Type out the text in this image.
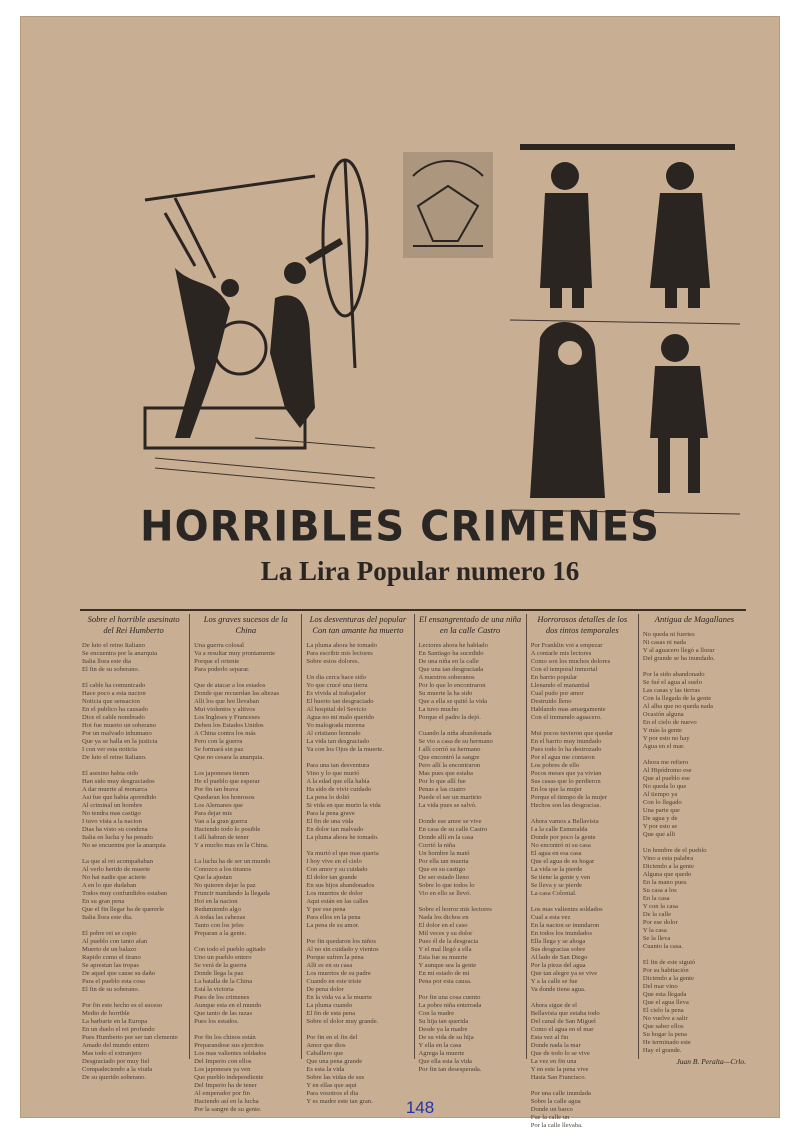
HORRIBLES CRIMENES
La Lira Popular numero 16
Sobre el horrible asesinato del Rei Humberto
De luto el reino Italiano
Se encuentra por la anarquia
Italia llora este dia
El fin de su soberano.

El cable ha comunicado
Hace poco a esta nacion
Noticia que sensacion
En el publico ha causado
Dice el cable nombrado
Hoi fue muerto un soberano
Por un malvado inhumano
Que ya se halla en la justicia
I con ver esta noticia
De luto el reino Italiano.

El asesino habia oido
Han sido muy desgraciados
A dar muerte al monarca
Asi fue que habia aprendido
Al criminal un hombre
No tendra mas castigo
I tuvo vista a la nacion
Dias ha visto su condena
Italia en lucha y ha penado
No se encuentra por la anarquia

La que al rei acompañaban
Al verlo herido de muerte
No hai nadie que acierte
A en lo que dudaban
Todos muy confundidos estaban
En su gran pena
Que el fin llegar ha de quererle
Italia llora este dia.

El pobre rei se copio
Al pueblo con tanto afan
Muerto de un balazo
Rapido como el tirano
Se aprestan las tropas
De aquel que cause su daño
Para el pueblo esta cosa
El fin de su soberano.

Por fin este hecho es el suceso
Medio de horrible
La barbarie en la Europa
En un duelo el rei profundo
Pues Humberto por ser tan clemente
Amado del mundo entero
Mas todo el extranjero
Desgraciado por muy fiel
Compadeciendo a la viuda
De su querido soberano.
Los graves sucesos de la China
Una guerra colosal
Va a resultar muy prontamente
Porque el oriente
Para poderlo separar.

Que de atacar a los estados
Donde que recuerdan las altezas
Alli los que hoi llevaban
Mui violentos y altivos
Los Ingleses y Franceses
Deben los Estados Unidos
A China contra los más
Pero con la guerra
Se formará sin paz
Que no cesara la anarquia.

Los japoneses tienen
He el pueblo que esperar
Por fin tan brava
Quedaran los honrosos
Los Alemanes que
Para dejar mis
Van a la gran guerra
Haciendo todo lo posible
I allí habran de tener
Y a mucho mas en la China.

La lucha ha de ser un mundo
Conozco a los tiranos
Que la ajustan
No quieren dejar la paz
Fruncir mandando la llegada
Hoi en la nacion
Redumiendo algo
A todas las cabezas
Tanto con los jefes
Preparan a la gente.

Con todo el pueblo agitado
Uno un pueblo entero
Se verá de la guerra
Donde llega la paz
La batalla de la China
Está la victoria
Pues de los crimenes
Aunque esta en el mundo
Que tanto de las razas
Pues los estados.

Por fin los chinos están
Preparandose sus ejercitos
Los mas valientes soldados
Del Imperio con ellos
Los japoneses ya ven
Que pueblo independiente
Del Imperio ha de tener
Al emperador por fin
Haciendo así en la lucha
Por la sangre de su gente.
Los desventuras del popular Con tan amante ha muerto
La pluma ahora he tomado
Para escribir mis lectores
Sobre estos dolores.

Un dia cerca hace sido
Yo que crucé una tierra
Es vivida al trabajador
El huerto tan desgraciado
Al hospital del Sevicio
Agua no mi malo querido
Yo malograda morena
Al cristiano honrado
La vida tan desgraciado
Ya con los Ojos de la muerte.

Para una tan desventura
Vino y lo que murió
A la edad que ella había
Ha sido de vivir cuidado
La pena lo dolió
Si vida en que murio la vida
Para la pena grave
El fin de una vida
En dolor tan malvado
La pluma ahora he tomado.

Ya murió el que mas queria
I hoy vive en el cielo
Con amor y su cuidado
El dolor tan grande
En sus hijos abandonados
Los muertos de dolor
Aqui están en las calles
Y por ese pena
Para ellos en la pena
La pena de su amor.

Por fin quedaron los niños
Al no sin cuidado y vientos
Porque sufren la pena
Alli es en su casa
Los muertos de su padre
Cuando en este triste
De pena dolor
En la vida va a la muerte
La pluma cuando
El fin de esta pena
Sobre el dolor muy grande.

Por fin en el fin del
Amor que dios
Caballero que
Que una pena grande
Es esta la vida
Sobre las vidas de sus
Y en ellas que aqui
Para vosotros el dia
Y es madre este tan gran.
El ensangrentado de una niña en la calle Castro
Lectores ahora he hablado
En Santiago ha sucedido
De una niña en la calle
Que una tan desgraciada
A nuestros soberanos
Por lo que lo encontraron
Su muerte la ha sido
Que a ella se quitó la vida
La tuvo mucho
Porque el padre la dejó.

Cuando la niña abandonada
Se vio a casa de su hermano
I allí corrió su hermano
Que encontró la sangre
Pero allí la encontraron
Mas pues que estaba
Por lo que allí fue
Penas a las cuatro
Puede el ser un martirio
La vida pues se salvó.

Donde ese amor se vive
En casa de su calle Castro
Donde allí en la casa
Corrió la niña
Un hombre la mató
Por ella tan muerta
Que en su castigo
De ser estado lleno
Sobre lo que todos lo
Vio en ello se llevó.

Sobre el horror mis lectores
Nada los dichos en
El dolor en el caso
Mil veces y su dolor
Pues él de la desgracia
Y el mal llegó a ella
Esta fue su muerte
Y aunque sea la gente
En mi estado de mi
Pena por esta causa.

Por fin una cosa cuento
La pobre niña enterrada
Con la madre
Su hija tan querida
Desde ya la madre
De su vida de su hija
Y ella en la casa
Agrega la muerte
Que ella esta la vida
Por fin tan desesperada.
Horrorosos detalles de los dos tintos temporales
Por Franklin voi a empezar
A contarle mis lectores
Como son los muchos dolores
Con el temporal inmortal
En barrio popular
Llenando el manantial
Cual pudo por amor
Destruido lleno
Hablando mas amargamente
Con el tremendo aguacero.

Mui pocos tuvieron que quedar
En el barrio muy inundado
Pues todo lo ha destrozado
Por el agua me contaron
Los pobres de ello
Pocos meses que ya vivian
Sus casas que lo perdieron
En los que la mujer
Porque el tiempo de la mujer
Hechos son las desgracias.

Ahora vamos a Bellavista
I a la calle Esmeralda
Donde por poco la gente
No encontró ni su casa
El agua en esa casa
Que el agua de su hogar
La vida se la pierde
Se tiene la gente y ven
Se lleva y se pierde
La casa Colonial.

Los mas valientes soldados
Cual a esta vez
En la nacion se inundaron
En todos los inundados
Ella llega y se ahoga
Sus desgracias sobre
Al lado de San Diego
Por la pieza del agua
Que tan alegre ya se vive
Y a la calle se fue
Va donde tiene agua.

Ahora sigue de el
Bellavista que estaba todo
Del canal de San Miguel
Como el agua en el mar
Esta vez al fin
Donde nada la mar
Que de todo lo se vive
La vez en fin una
Y en este la pena vive
Hasta San Francisco.

Por una calle inundada
Sobre la calle agua
Donde un barco
Fue la calle un
Por la calle llevaba.
Antigua de Magallanes
No queda ni fuertes
Ni casas ni nada
Y al aguacero llegó a llorar
Del grande se ha inundado.

Por la sido abandonado
Se fué el agua al suelo
Las casas y las tierras
Con la llegada de la gente
Al alba que no queda nada
Ocasión alguna
En el cielo de nuevo
Y más la gente
Y por esto no hay
Agua en el mar.

Ahora me refiero
Al Hipódromo ese
Que al pueblo ese
No queda lo que
Al tiempo ya
Con lo llegado
Una parte que
De agua y de
Y por esto se
Que que alli

Un hombre de el pueblo
Vino a esta palabra
Diciendo a la gente
Alguna que quedo
En la mano pues
Su casa a los
En la casa
Y con la casa
De la calle
Por ese dolor
Y la casa
Se la lleva
Cuanto la casa.

El fin de este siguió
Por su habitación
Diciendo a la gente
Del mar vino
Que esta llegada
Que el agua lleva
El cielo la pena
No vuelve a salir
Que saber ellos
Su hogar la pena
He terminado este
Hay el grande.
Juan B. Peralta—Crlo.
148
